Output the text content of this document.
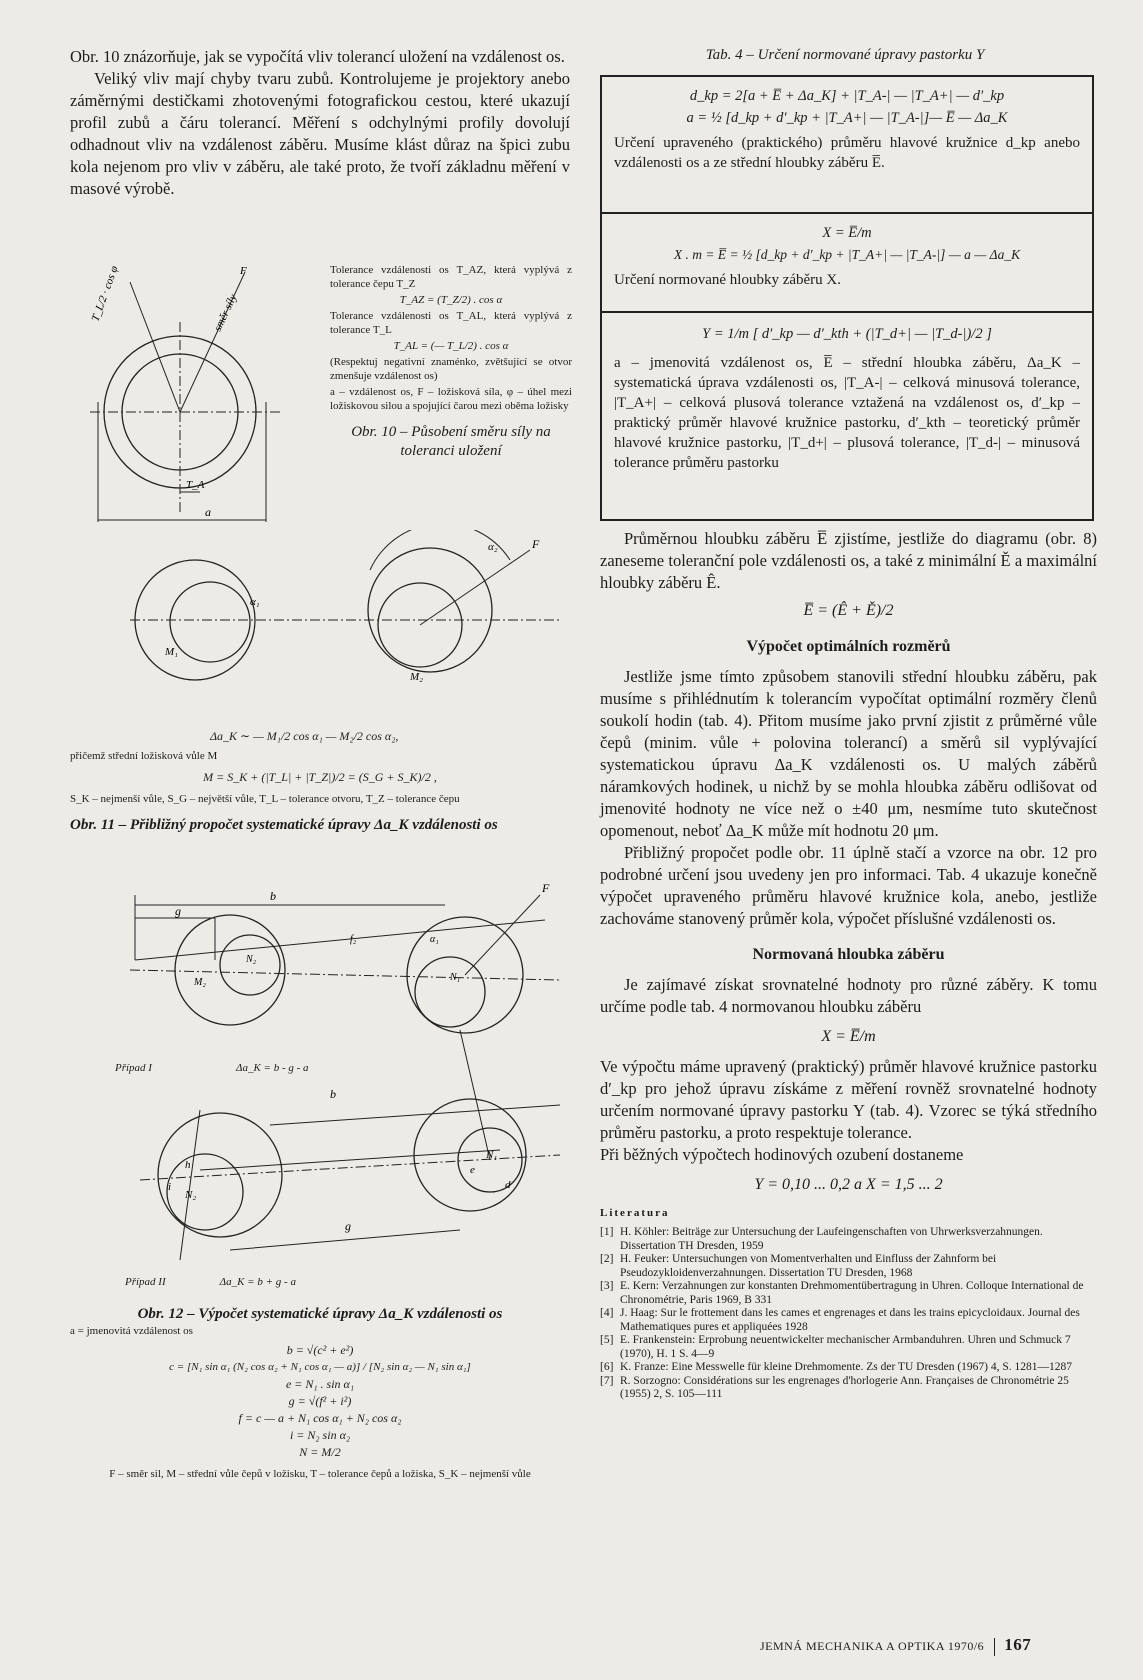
Obr. 10 znázorňuje, jak se vypočítá vliv tolerancí uložení na vzdálenost os.

Veliký vliv mají chyby tvaru zubů. Kontrolujeme je projektory anebo záměrnými destičkami zhotovenými fotografickou cestou, které ukazují profil zubů a čáru tolerancí. Měření s odchylnými profily dovolují odhadnout vliv na vzdálenost záběru. Musíme klást důraz na špici zubu kola nejenom pro vliv v záběru, ale také proto, že tvoří základnu měření v masové výrobě.

a
T_A
T_L/2 · cos φ	směr síly
F	Tolerance vzdálenosti os T_AZ, která vyplývá z tolerance čepu T_Z
T_AZ = (T_Z/2) . cos α
Tolerance vzdálenosti os T_AL, která vyplývá z tolerance T_L
T_AL = (— T_L/2) . cos α
(Respektuj negativní znaménko, zvětšující se otvor zmenšuje vzdálenost os)
a – vzdálenost os, F – ložisková síla, φ – úhel mezi ložiskovou silou a spojující čarou mezi oběma ložisky
Obr. 10 – Působení směru síly na toleranci uložení
F
α₂
M₁
M₂
α₁
Δa_K ∼ — M₁/2 cos α₁ — M₂/2 cos α₂,
přičemž střední ložisková vůle M
M = S_K + (|T_L| + |T_Z|)/2 = (S_G + S_K)/2 ,
S_K – nejmenší vůle, S_G – největší vůle, T_L – tolerance otvoru, T_Z – tolerance čepu
Obr. 11 – Přibližný propočet systematické úpravy Δa_K vzdálenosti os
b
g
F
N₂
M₂	N₁
α₁
f₂
b
g
N₂
N₁
e
d
h
i
Případ I	Δa_K = b - g - a
Případ II	Δa_K = b + g - a
Obr. 12 – Výpočet systematické úpravy Δa_K vzdálenosti os
a = jmenovitá vzdálenost os
b = √(c² + e²)
c = [N₁ sin α₁ (N₂ cos α₂ + N₁ cos α₁ — a)] / [N₂ sin α₂ — N₁ sin α₁]
e = N₁ . sin α₁
g = √(f² + i²)
f = c — a + N₁ cos α₁ + N₂ cos α₂
i = N₂ sin α₂
N = M/2
F – směr sil, M – střední vůle čepů v ložisku, T – tolerance čepů a ložiska, S_K – nejmenší vůle
Tab. 4 – Určení normované úpravy pastorku Y
d_kp = 2[a + E̅ + Δa_K] + |T_A-| — |T_A+| — d′_kp
a = ½ [d_kp + d′_kp + |T_A+| — |T_A-|]— E̅ — Δa_K
Určení upraveného (praktického) průměru hlavové kružnice d_kp anebo vzdálenosti os a ze střední hloubky záběru E̅.
X = E̅/m
X . m = E̅ = ½ [d_kp + d′_kp + |T_A+| — |T_A-|] — a — Δa_K
Určení normované hloubky záběru X.
Y = 1/m [ d′_kp — d′_kth + (|T_d+| — |T_d-|)/2 ]
a – jmenovitá vzdálenost os, E̅ – střední hloubka záběru, Δa_K – systematická úprava vzdálenosti os, |T_A-| – celková minusová tolerance, |T_A+| – celková plusová tolerance vztažená na vzdálenost os, d′_kp – praktický průměr hlavové kružnice pastorku, d′_kth – teoretický průměr hlavové kružnice pastorku, |T_d+| – plusová tolerance, |T_d-| – minusová tolerance průměru pastorku

Průměrnou hloubku záběru E̅ zjistíme, jestliže do diagramu (obr. 8) zaneseme toleranční pole vzdálenosti os, a také z minimální Ě a maximální hloubky záběru Ê.

E̅ = (Ê + Ě)/2
Výpočet optimálních rozměrů

Jestliže jsme tímto způsobem stanovili střední hloubku záběru, pak musíme s přihlédnutím k tolerancím vypočítat optimální rozměry členů soukolí hodin (tab. 4). Přitom musíme jako první zjistit z průměrné vůle čepů (minim. vůle + polovina tolerancí) a směrů sil vyplývající systematickou úpravu Δa_K vzdálenosti os. U malých záběrů náramkových hodinek, u nichž by se mohla hloubka záběru odlišovat od jmenovité hodnoty ne více než o ±40 μm, nesmíme tuto skutečnost opomenout, neboť Δa_K může mít hodnotu 20 μm.

Přibližný propočet podle obr. 11 úplně stačí a vzorce na obr. 12 pro podrobné určení jsou uvedeny jen pro informaci. Tab. 4 ukazuje konečně výpočet upraveného průměru hlavové kružnice kola, anebo, jestliže zachováme stanovený průměr kola, výpočet příslušné vzdálenosti os.

Normovaná hloubka záběru

Je zajímavé získat srovnatelné hodnoty pro různé záběry. K tomu určíme podle tab. 4 normovanou hloubku záběru

X = E̅/m

Ve výpočtu máme upravený (praktický) průměr hlavové kružnice pastorku d′_kp pro jehož úpravu získáme z měření rovněž srovnatelné hodnoty určením normované úpravy pastorku Y (tab. 4). Vzorec se týká středního průměru pastorku, a proto respektuje tolerance.

Při běžných výpočtech hodinových ozubení dostaneme

Y = 0,10 ... 0,2 a X = 1,5 ... 2
Literatura
[1] H. Köhler: Beiträge zur Untersuchung der Laufeingenschaften von Uhrwerksverzahnungen. Dissertation TH Dresden, 1959
[2] H. Feuker: Untersuchungen von Momentverhalten und Einfluss der Zahnform bei Pseudozykloidenverzahnungen. Dissertation TU Dresden, 1968
[3] E. Kern: Verzahnungen zur konstanten Drehmomentübertragung in Uhren. Colloque International de Chronométrie, Paris 1969, B 331
[4] J. Haag: Sur le frottement dans les cames et engrenages et dans les trains epicycloidaux. Journal des Mathematiques pures et appliquées 1928
[5] E. Frankenstein: Erprobung neuentwickelter mechanischer Armbanduhren. Uhren und Schmuck 7 (1970), H. 1 S. 4—9
[6] K. Franze: Eine Messwelle für kleine Drehmomente. Zs der TU Dresden (1967) 4, S. 1281—1287
[7] R. Sorzogno: Considérations sur les engrenages d'horlogerie Ann. Françaises de Chronométrie 25 (1955) 2, S. 105—111
JEMNÁ MECHANIKA A OPTIKA 1970/6 167
